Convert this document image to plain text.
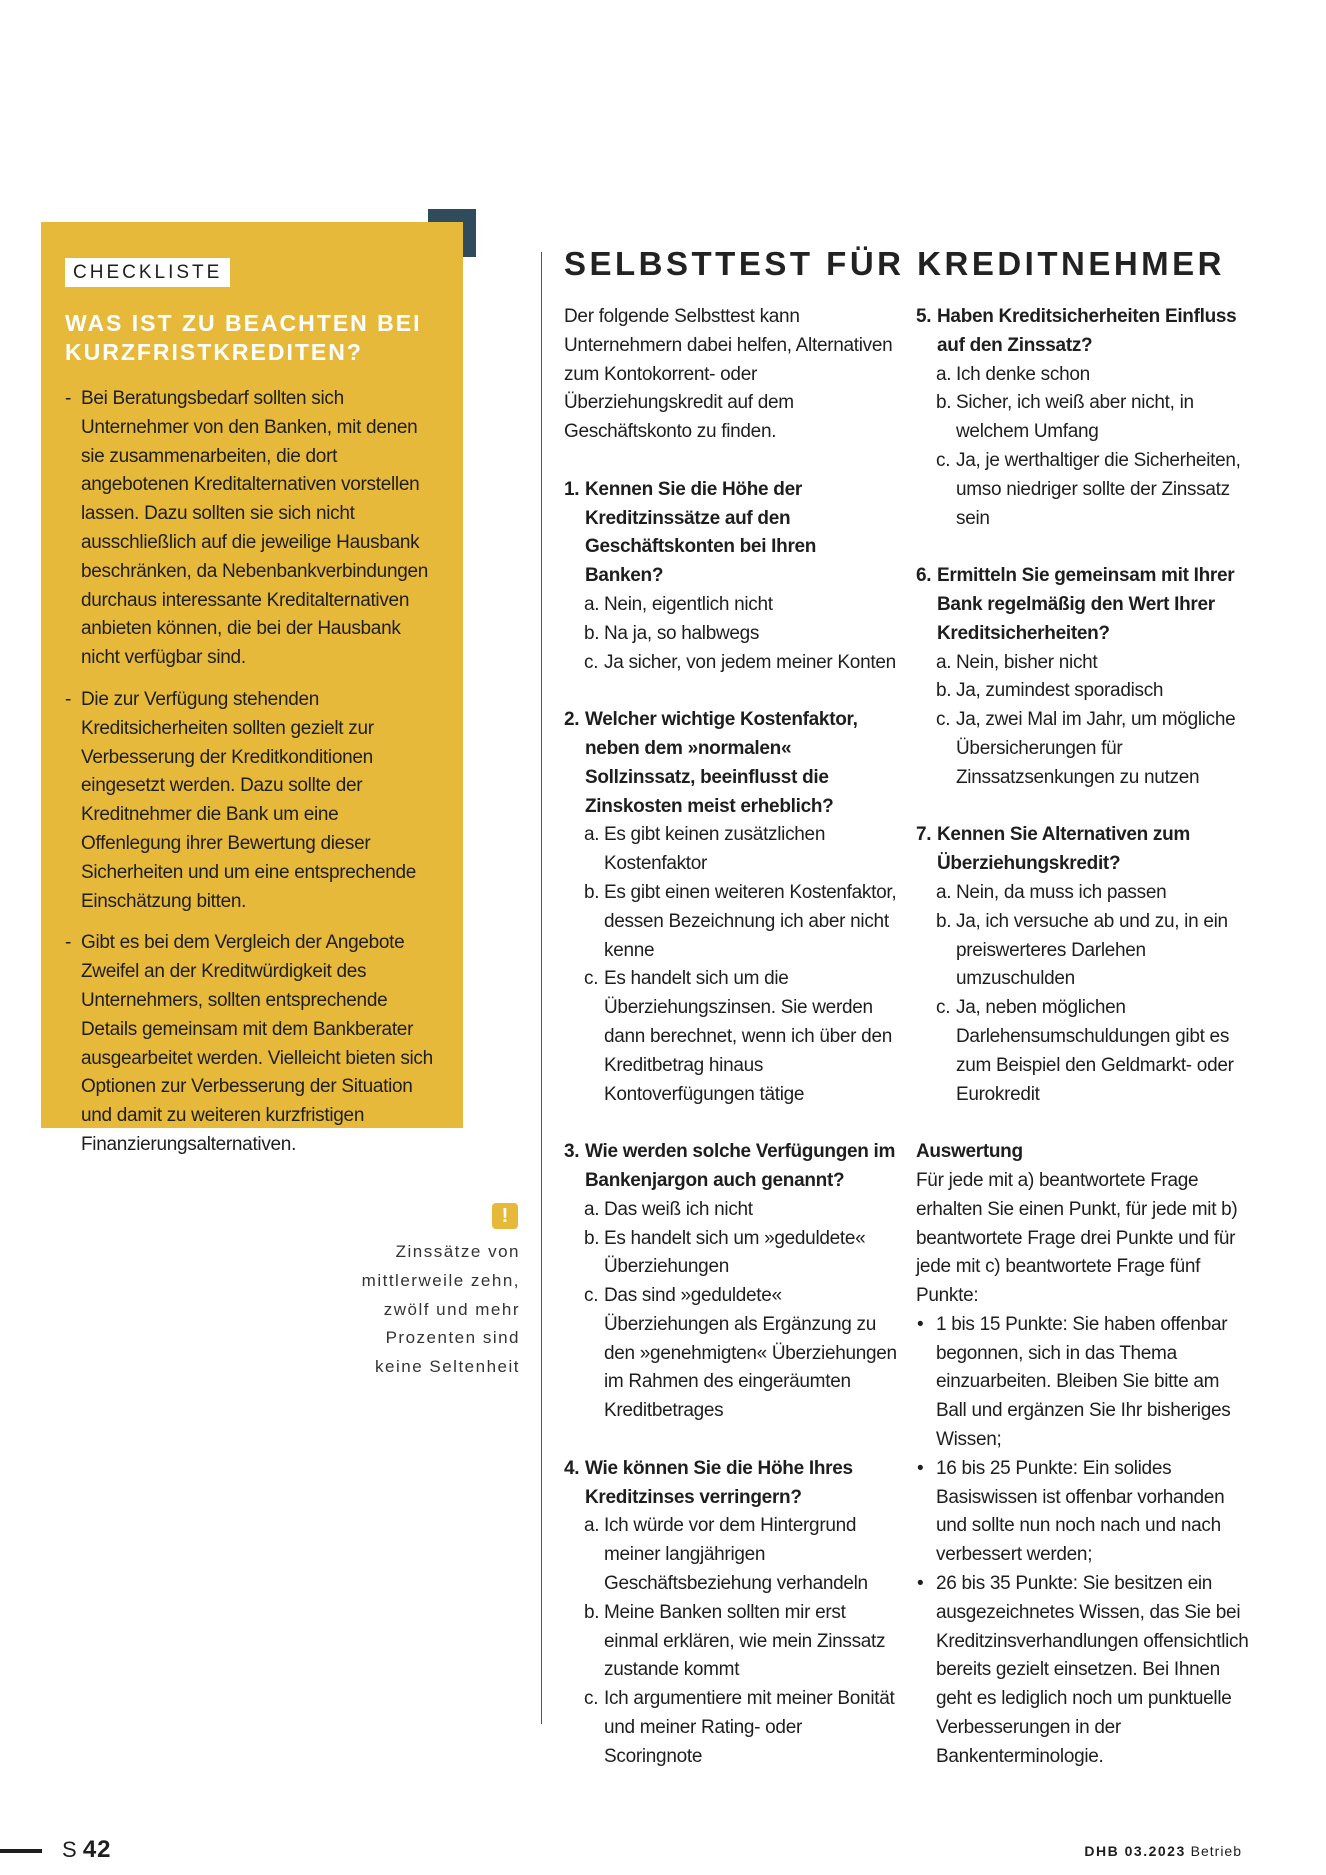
CHECKLISTE
WAS IST ZU BEACHTEN BEI KURZFRISTKREDITEN?
- Bei Beratungsbedarf sollten sich Unternehmer von den Banken, mit denen sie zusammenarbeiten, die dort angebotenen Kreditalternativen vorstellen lassen. Dazu sollten sie sich nicht ausschließlich auf die jeweilige Hausbank beschränken, da Nebenbankverbindungen durchaus interessante Kreditalternativen anbieten können, die bei der Hausbank nicht verfügbar sind.
- Die zur Verfügung stehenden Kreditsicherheiten sollten gezielt zur Verbesserung der Kreditkonditionen eingesetzt werden. Dazu sollte der Kreditnehmer die Bank um eine Offenlegung ihrer Bewertung dieser Sicherheiten und um eine entsprechende Einschätzung bitten.
- Gibt es bei dem Vergleich der Angebote Zweifel an der Kreditwürdigkeit des Unternehmers, sollten entsprechende Details gemeinsam mit dem Bankberater ausgearbeitet werden. Vielleicht bieten sich Optionen zur Verbesserung der Situation und damit zu weiteren kurzfristigen Finanzierungsalternativen.
!
Zinssätze von mittlerweile zehn, zwölf und mehr Prozenten sind keine Seltenheit
SELBSTTEST FÜR KREDITNEHMER

Der folgende Selbsttest kann Unternehmern dabei helfen, Alternativen zum Kontokorrent- oder Überziehungskredit auf dem Geschäftskonto zu finden.

1. Kennen Sie die Höhe der Kreditzinssätze auf den Geschäftskonten bei Ihren Banken?
a. Nein, eigentlich nicht
b. Na ja, so halbwegs
c. Ja sicher, von jedem meiner Konten
2. Welcher wichtige Kostenfaktor, neben dem »normalen« Sollzinssatz, beeinflusst die Zinskosten meist erheblich?
a. Es gibt keinen zusätzlichen Kostenfaktor
b. Es gibt einen weiteren Kostenfaktor, dessen Bezeichnung ich aber nicht kenne
c. Es handelt sich um die Überziehungszinsen. Sie werden dann berechnet, wenn ich über den Kreditbetrag hinaus Kontoverfügungen tätige
3. Wie werden solche Verfügungen im Bankenjargon auch genannt?
a. Das weiß ich nicht
b. Es handelt sich um »geduldete« Überziehungen
c. Das sind »geduldete« Überziehungen als Ergänzung zu den »genehmigten« Überziehungen im Rahmen des eingeräumten Kreditbetrages
4. Wie können Sie die Höhe Ihres Kreditzinses verringern?
a. Ich würde vor dem Hintergrund meiner langjährigen Geschäftsbeziehung verhandeln
b. Meine Banken sollten mir erst einmal erklären, wie mein Zinssatz zustande kommt
c. Ich argumentiere mit meiner Bonität und meiner Rating- oder Scoringnote
5. Haben Kreditsicherheiten Einfluss auf den Zinssatz?
a. Ich denke schon
b. Sicher, ich weiß aber nicht, in welchem Umfang
c. Ja, je werthaltiger die Sicherheiten, umso niedriger sollte der Zinssatz sein
6. Ermitteln Sie gemeinsam mit Ihrer Bank regelmäßig den Wert Ihrer Kreditsicherheiten?
a. Nein, bisher nicht
b. Ja, zumindest sporadisch
c. Ja, zwei Mal im Jahr, um mögliche Übersicherungen für Zinssatzsenkungen zu nutzen
7. Kennen Sie Alternativen zum Überziehungskredit?
a. Nein, da muss ich passen
b. Ja, ich versuche ab und zu, in ein preiswerteres Darlehen umzuschulden
c. Ja, neben möglichen Darlehensumschuldungen gibt es zum Beispiel den Geldmarkt- oder Eurokredit
Auswertung
Für jede mit a) beantwortete Frage erhalten Sie einen Punkt, für jede mit b) beantwortete Frage drei Punkte und für jede mit c) beantwortete Frage fünf Punkte:
• 1 bis 15 Punkte: Sie haben offenbar begonnen, sich in das Thema einzuarbeiten. Bleiben Sie bitte am Ball und ergänzen Sie Ihr bisheriges Wissen;
• 16 bis 25 Punkte: Ein solides Basiswissen ist offenbar vorhanden und sollte nun noch nach und nach verbessert werden;
• 26 bis 35 Punkte: Sie besitzen ein ausgezeichnetes Wissen, das Sie bei Kreditzinsverhandlungen offensichtlich bereits gezielt einsetzen. Bei Ihnen geht es lediglich noch um punktuelle Verbesserungen in der Bankenterminologie.
S 42	DHB 03.2023 Betrieb
